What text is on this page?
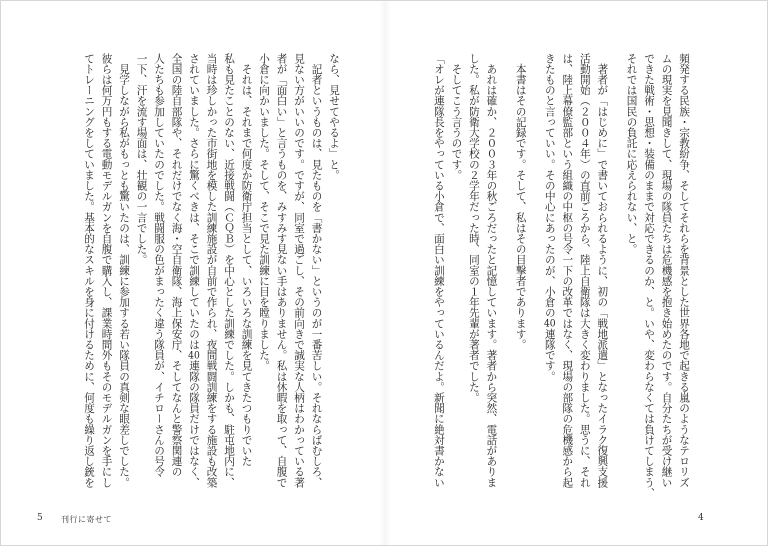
頻発する民族・宗教紛争、そしてそれらを背景とした世界各地で起きる嵐のようなテロリズ
ムの現実を見聞きして、現場の隊員たちは危機感を抱き始めたのです。自分たちが受け継い
できた戦術・思想・装備のままで対応できるのか、と。いや、変わらなくては負けてしまう、
それでは国民の負託に応えられない、と。
　著者が「はじめに」で書いておられるように、初の「戦地派遣」となったイラク復興支援
活動開始（２００４年）の直前ごろから、陸上自衛隊は大きく変わりました。思うに、それ
は、陸上幕僚監部という組織の中枢の号令一下の改革ではなく、現場の部隊の危機感から起
きたものと言っていい。その中心にあったのが、小倉の40連隊です。
　本書はその記録です。そして、私はその目撃者であります。
　あれは確か、２００３年の秋ごろだったと記憶しています。著者から突然、電話がありま
した。私が防衛大学校の２学年だった時、同室の１年先輩が著者でした。
　そしてこう言うのです。
「オレが連隊長をやっている小倉で、面白い訓練をやっているんだよ。新聞に絶対書かない
4
なら、見せてやるよ」と。
　記者というものは、見たものを「書かない」というのが一番苦しい。それならばむしろ、
見ない方がいいのです。ですが、同室で過ごし、その前向きで誠実な人柄はわかっている著
者が「面白い」と言うものを、みすみす見ない手はありません。私は休暇を取って、自腹で
小倉に向かいました。そして、そこで見た訓練に目を瞠りました。
　それは、それまで何度か防衛庁担当として、いろいろな訓練を見てきたつもりでいた
私も見たことのない、近接戦闘（ＣＱＢ）を中心とした訓練でした。しかも、駐屯地内に、
当時は珍しかった市街地を模した訓練施設が自前で作られ、夜間戦闘訓練をする施設も改築
されていました。さらに驚くべきは、そこで訓練していたのは40連隊の隊員だけではなく、
全国の陸自部隊や、それだけでなく海・空自衛隊、海上保安庁、そしてなんと警察関連の
人たちも参加していたのでした。戦闘服の色がまったく違う隊員が、イチローさんの号令
一下、汗を流す場面は、壮観の一言でした。
　見学しながら私がもっとも驚いたのは、訓練に参加する若い隊員の真剣な眼差しでした。
彼らは何万円もする電動モデルガンを自腹で購入し、課業時間外もそのモデルガンを手にし
てトレーニングをしていました。基本的なスキルを身に付けるために、何度も繰り返し銃を
5 刊行に寄せて
